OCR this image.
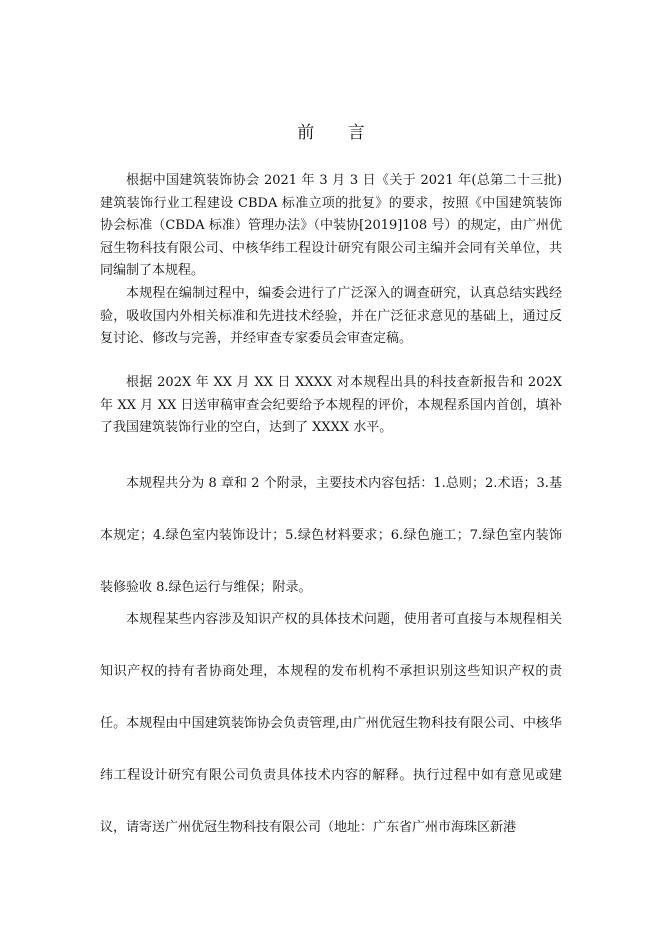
前 言

根据中国建筑装饰协会 2021 年 3 月 3 日《关于 2021 年(总第二十三批)建筑装饰行业工程建设 CBDA 标准立项的批复》的要求，按照《中国建筑装饰协会标准（CBDA 标准）管理办法》（中装协[2019]108 号）的规定，由广州优冠生物科技有限公司、中核华纬工程设计研究有限公司主编并会同有关单位，共同编制了本规程。

本规程在编制过程中，编委会进行了广泛深入的调查研究，认真总结实践经验，吸收国内外相关标准和先进技术经验，并在广泛征求意见的基础上，通过反复讨论、修改与完善，并经审查专家委员会审查定稿。

根据 202X 年 XX 月 XX 日 XXXX 对本规程出具的科技查新报告和 202X 年 XX 月 XX 日送审稿审查会纪要给予本规程的评价，本规程系国内首创，填补了我国建筑装饰行业的空白，达到了 XXXX 水平。

本规程共分为 8 章和 2 个附录，主要技术内容包括：1.总则；2.术语；3.基本规定；4.绿色室内装饰设计；5.绿色材料要求；6.绿色施工；7.绿色室内装饰装修验收 8.绿色运行与维保；附录。

本规程某些内容涉及知识产权的具体技术问题，使用者可直接与本规程相关知识产权的持有者协商处理，本规程的发布机构不承担识别这些知识产权的责任。本规程由中国建筑装饰协会负责管理,由广州优冠生物科技有限公司、中核华纬工程设计研究有限公司负责具体技术内容的解释。执行过程中如有意见或建议，请寄送广州优冠生物科技有限公司（地址：广东省广州市海珠区新港
